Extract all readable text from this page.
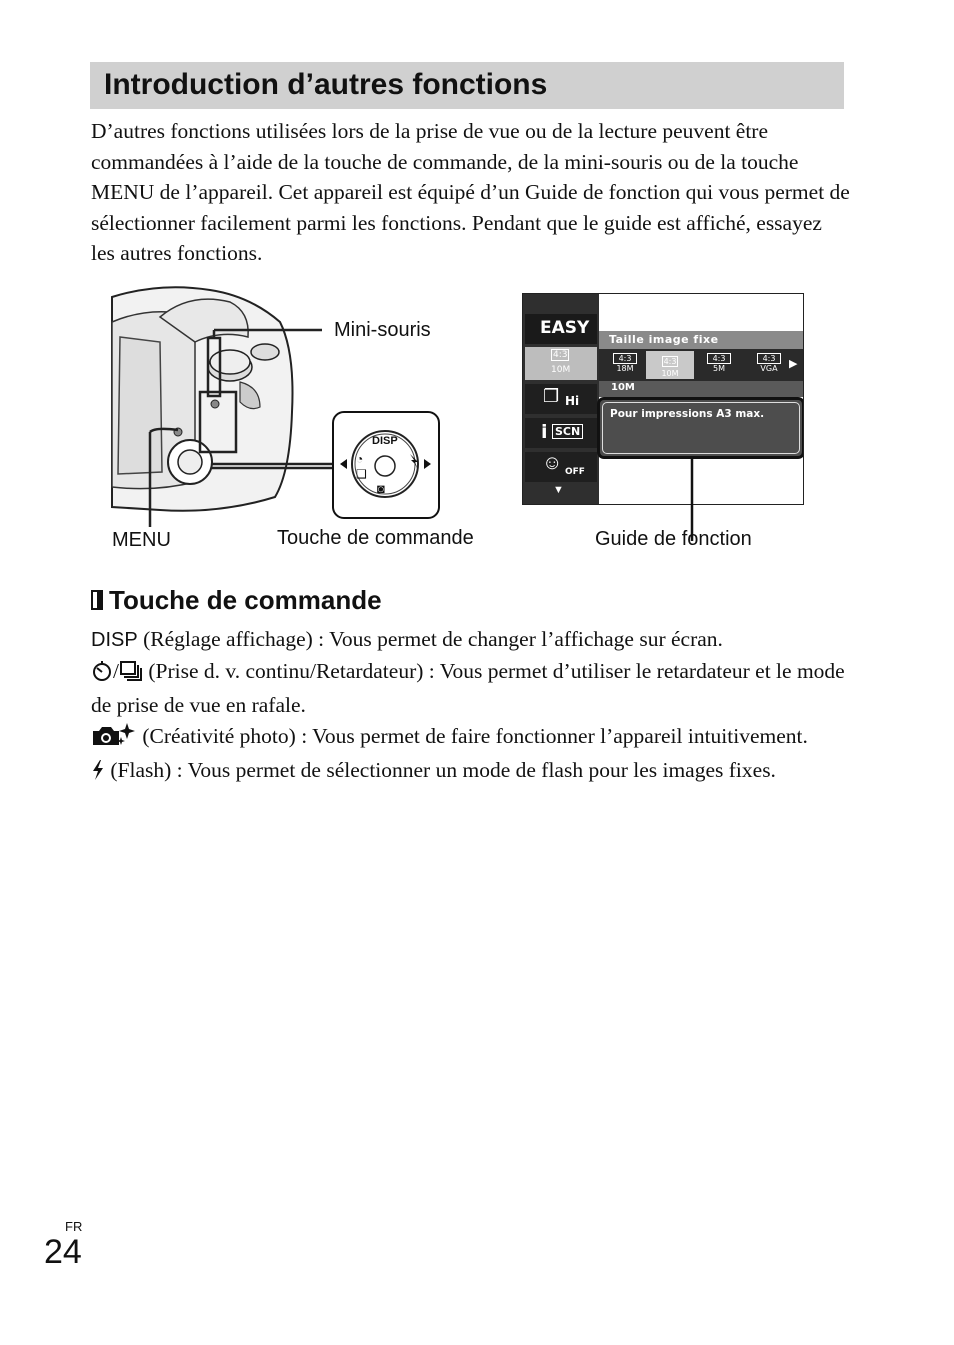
Introduction d’autres fonctions

D’autres fonctions utilisées lors de la prise de vue ou de la lecture peuvent être commandées à l’aide de la touche de commande, de la mini-souris ou de la touche MENU de l’appareil. Cet appareil est équipé d’un Guide de fonction qui vous permet de sélectionner facilement parmi les fonctions. Pendant que le guide est affiché, essayez les autres fonctions.

DISP
◔
❑
◙
EASY
4:3
10M
❐ Hi
i SCN
☺ OFF
▼
Taille image fixe
4:3
18M
4:3
10M
4:3
5M
4:3
VGA	▶
10M
Pour impressions A3 max.
Mini-souris
MENU	Touche de commande	Guide de fonction
Touche de commande

DISP (Réglage affichage) : Vous permet de changer l’affichage sur écran.

/ (Prise d. v. continu/Retardateur) : Vous permet d’utiliser le retardateur et le mode de prise de vue en rafale.

(Créativité photo) : Vous permet de faire fonctionner l’appareil intuitivement.

(Flash) : Vous permet de sélectionner un mode de flash pour les images fixes.

FR
24
